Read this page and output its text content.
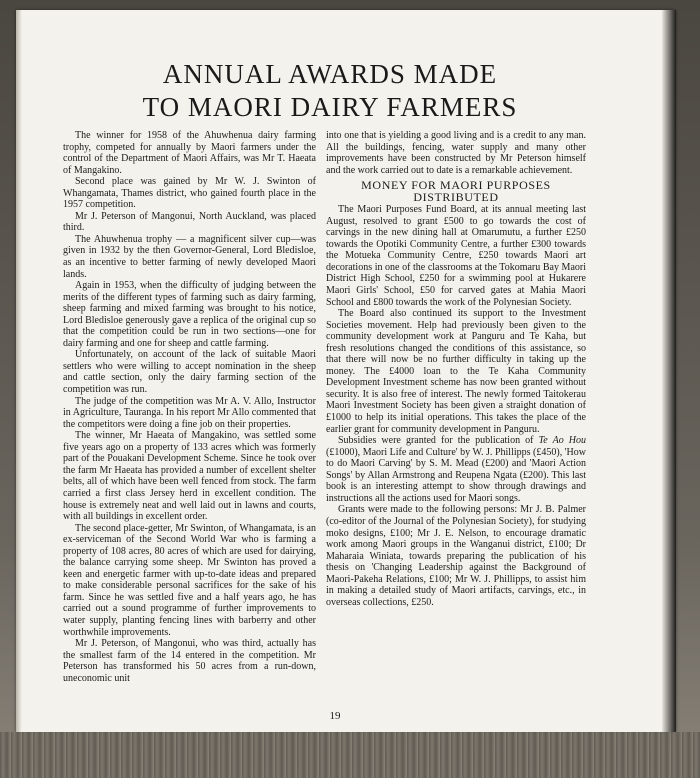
ANNUAL AWARDS MADE
TO MAORI DAIRY FARMERS

The winner for 1958 of the Ahuwhenua dairy farming trophy, competed for annually by Maori farmers under the control of the Department of Maori Affairs, was Mr T. Haeata of Mangakino.

Second place was gained by Mr W. J. Swinton of Whangamata, Thames district, who gained fourth place in the 1957 competition.

Mr J. Peterson of Mangonui, North Auckland, was placed third.

The Ahuwhenua trophy — a magnificent silver cup—was given in 1932 by the then Governor-General, Lord Bledisloe, as an incentive to better farming of newly developed Maori lands.

Again in 1953, when the difficulty of judging between the merits of the different types of farming such as dairy farming, sheep farming and mixed farming was brought to his notice, Lord Bledisloe generously gave a replica of the original cup so that the competition could be run in two sections—one for dairy farming and one for sheep and cattle farming.

Unfortunately, on account of the lack of suitable Maori settlers who were willing to accept nomination in the sheep and cattle section, only the dairy farming section of the competition was run.

The judge of the competition was Mr A. V. Allo, Instructor in Agriculture, Tauranga. In his report Mr Allo commented that the competitors were doing a fine job on their properties.

The winner, Mr Haeata of Mangakino, was settled some five years ago on a property of 133 acres which was formerly part of the Pouakani Development Scheme. Since he took over the farm Mr Haeata has provided a number of excellent shelter belts, all of which have been well fenced from stock. The farm carried a first class Jersey herd in excellent condition. The house is extremely neat and well laid out in lawns and courts, with all buildings in excellent order.

The second place-getter, Mr Swinton, of Whangamata, is an ex-serviceman of the Second World War who is farming a property of 108 acres, 80 acres of which are used for dairying, the balance carrying some sheep. Mr Swinton has proved a keen and energetic farmer with up-to-date ideas and prepared to make considerable personal sacrifices for the sake of his farm. Since he was settled five and a half years ago, he has carried out a sound programme of further improvements to water supply, planting fencing lines with barberry and other worthwhile improvements.

Mr J. Peterson, of Mangonui, who was third, actually has the smallest farm of the 14 entered in the competition. Mr Peterson has transformed his 50 acres from a run-down, uneconomic unit

into one that is yielding a good living and is a credit to any man. All the buildings, fencing, water supply and many other improvements have been constructed by Mr Peterson himself and the work carried out to date is a remarkable achievement.

MONEY FOR MAORI PURPOSES
DISTRIBUTED

The Maori Purposes Fund Board, at its annual meeting last August, resolved to grant £500 to go towards the cost of carvings in the new dining hall at Omarumutu, a further £250 towards the Opotiki Community Centre, a further £300 towards the Motueka Community Centre, £250 towards Maori art decorations in one of the classrooms at the Tokomaru Bay Maori District High School, £250 for a swimming pool at Hukarere Maori Girls' School, £50 for carved gates at Mahia Maori School and £800 towards the work of the Polynesian Society.

The Board also continued its support to the Investment Societies movement. Help had previously been given to the community development work at Panguru and Te Kaha, but fresh resolutions changed the conditions of this assistance, so that there will now be no further difficulty in taking up the money. The £4000 loan to the Te Kaha Community Development Investment scheme has now been granted without security. It is also free of interest. The newly formed Taitokerau Maori Investment Society has been given a straight donation of £1000 to help its initial operations. This takes the place of the earlier grant for community development in Panguru.

Subsidies were granted for the publication of Te Ao Hou (£1000), Maori Life and Culture' by W. J. Phillipps (£450), 'How to do Maori Carving' by S. M. Mead (£200) and 'Maori Action Songs' by Allan Armstrong and Reupena Ngata (£200). This last book is an interesting attempt to show through drawings and instructions all the actions used for Maori songs.

Grants were made to the following persons: Mr J. B. Palmer (co-editor of the Journal of the Polynesian Society), for studying moko designs, £100; Mr J. E. Nelson, to encourage dramatic work among Maori groups in the Wanganui district, £100; Dr Maharaia Winiata, towards preparing the publication of his thesis on 'Changing Leadership against the Background of Maori-Pakeha Relations, £100; Mr W. J. Phillipps, to assist him in making a detailed study of Maori artifacts, carvings, etc., in overseas collections, £250.

19
